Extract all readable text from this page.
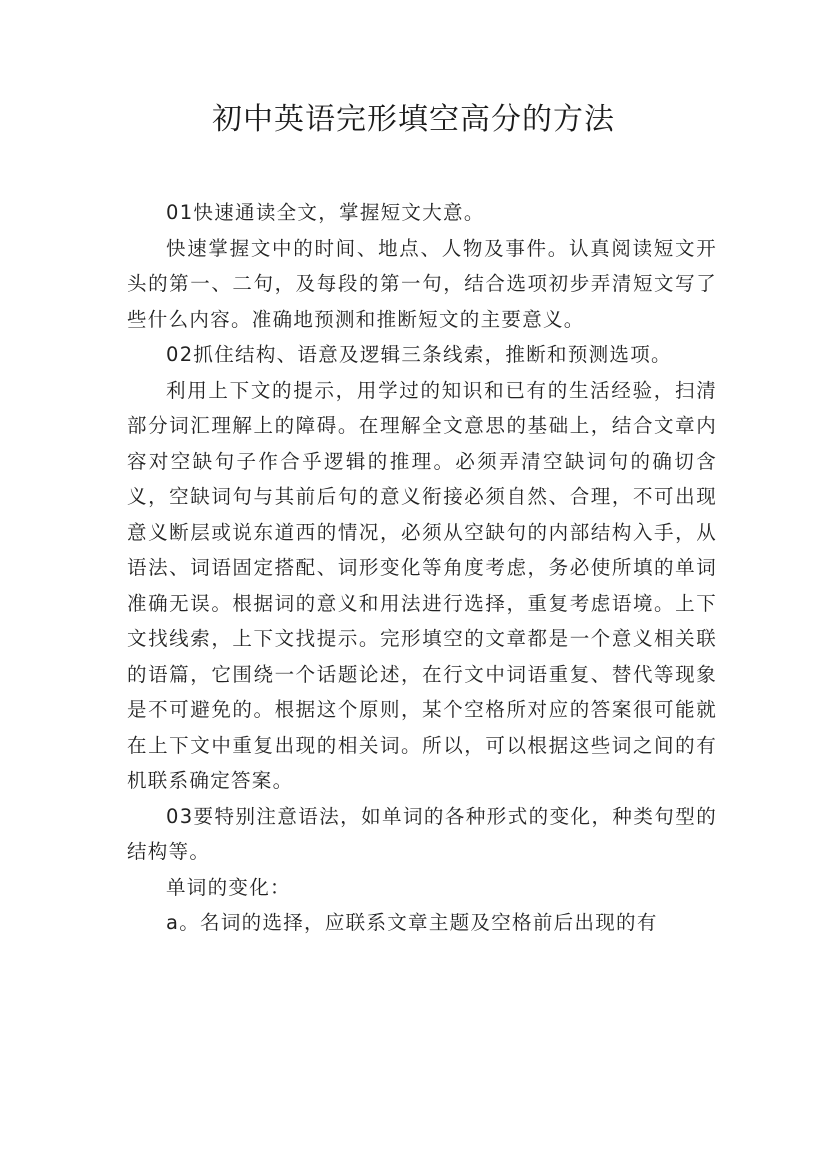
初中英语完形填空高分的方法

01快速通读全文，掌握短文大意。

快速掌握文中的时间、地点、人物及事件。认真阅读短文开头的第一、二句，及每段的第一句，结合选项初步弄清短文写了些什么内容。准确地预测和推断短文的主要意义。

02抓住结构、语意及逻辑三条线索，推断和预测选项。

利用上下文的提示，用学过的知识和已有的生活经验，扫清部分词汇理解上的障碍。在理解全文意思的基础上，结合文章内容对空缺句子作合乎逻辑的推理。必须弄清空缺词句的确切含义，空缺词句与其前后句的意义衔接必须自然、合理，不可出现意义断层或说东道西的情况，必须从空缺句的内部结构入手，从语法、词语固定搭配、词形变化等角度考虑，务必使所填的单词准确无误。根据词的意义和用法进行选择，重复考虑语境。上下文找线索，上下文找提示。完形填空的文章都是一个意义相关联的语篇，它围绕一个话题论述，在行文中词语重复、替代等现象是不可避免的。根据这个原则，某个空格所对应的答案很可能就在上下文中重复出现的相关词。所以，可以根据这些词之间的有机联系确定答案。

03要特别注意语法，如单词的各种形式的变化，种类句型的结构等。

单词的变化：

a。名词的选择，应联系文章主题及空格前后出现的有
